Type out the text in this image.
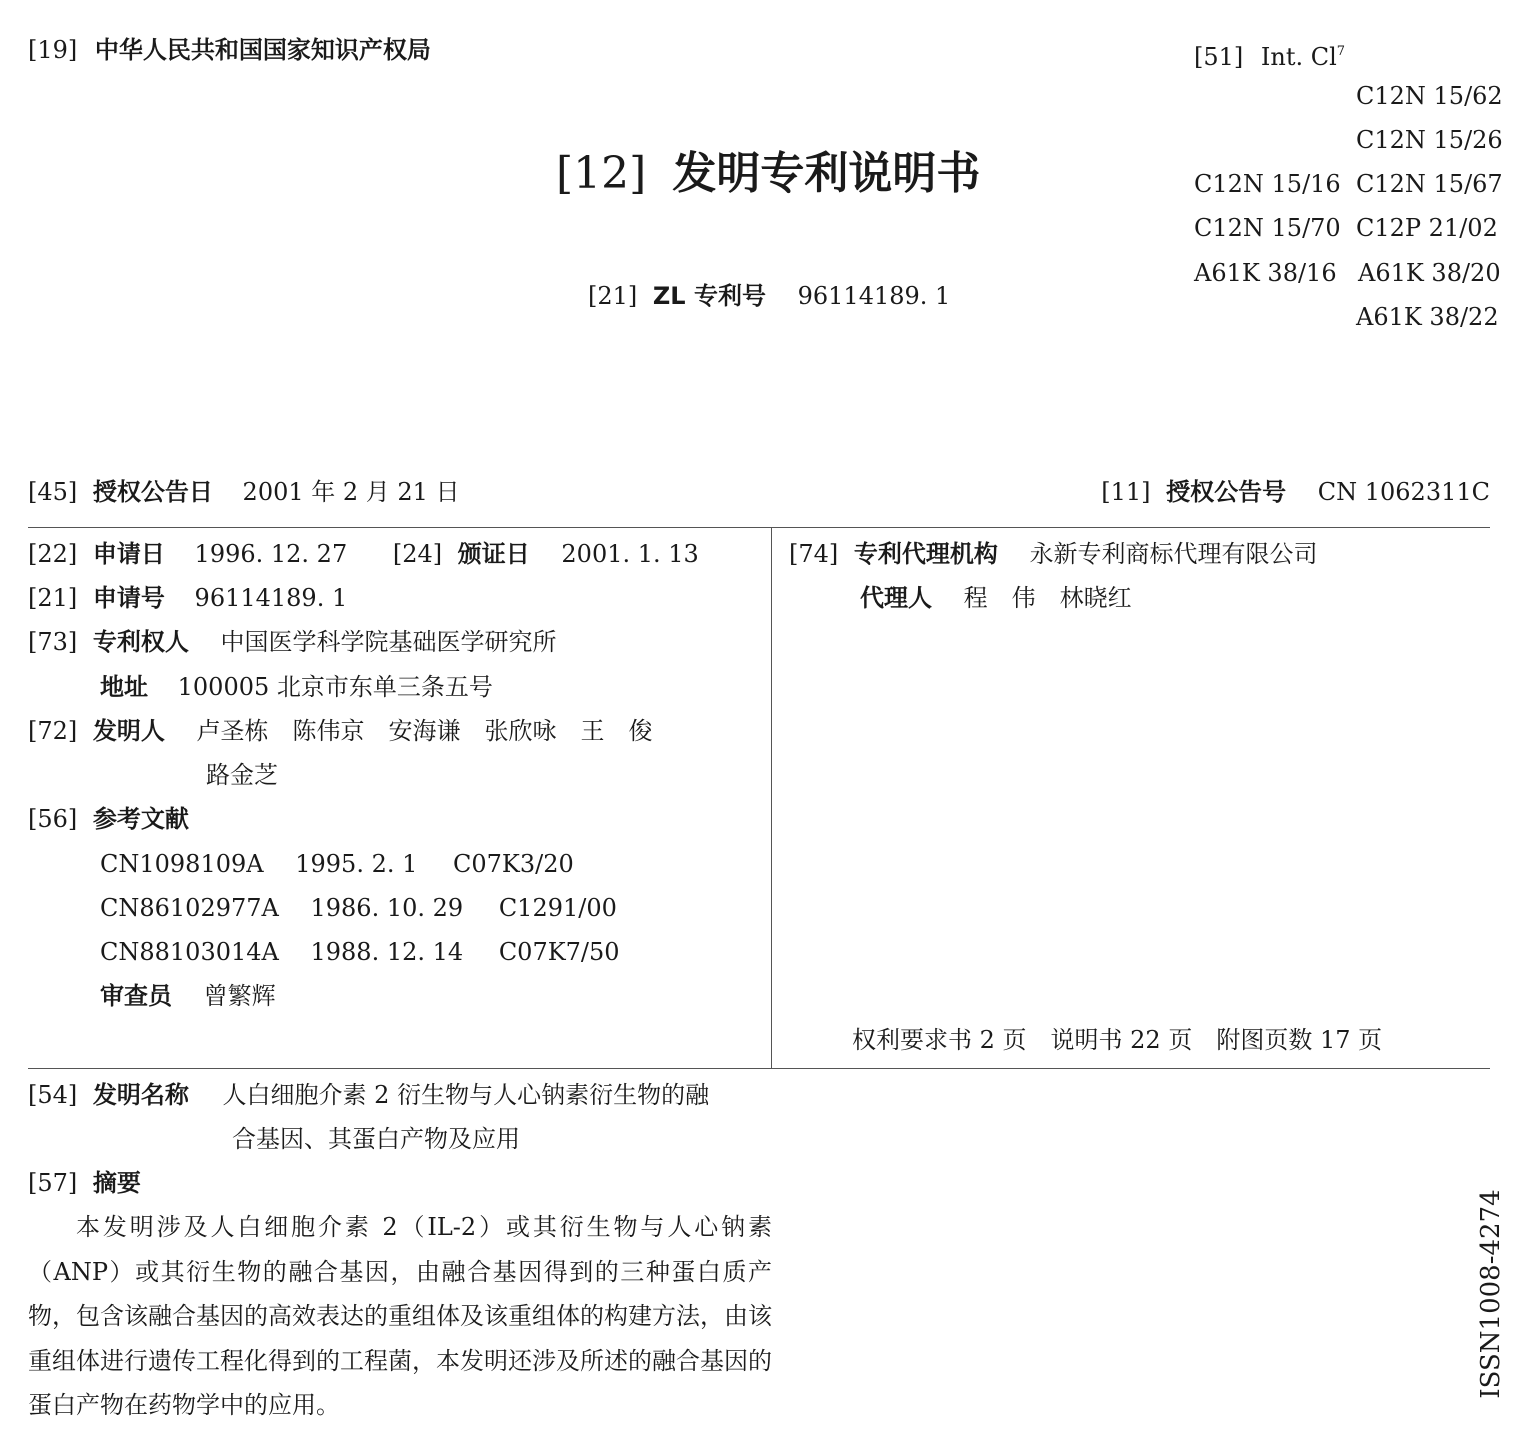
[19] 中华人民共和国国家知识产权局
[12] 发明专利说明书
[21] ZL 专利号 96114189. 1
[51] Int. Cl$^7$
C12N 15/62
C12N 15/26
C12N 15/16 C12N 15/67
C12N 15/70 C12P 21/02
A61K 38/16 A61K 38/20
A61K 38/22
[45] 授权公告日 2001 年 2 月 21 日	[11] 授权公告号 CN 1062311C
[22] 申请日 1996. 12. 27 [24] 颁证日 2001. 1. 13
[21] 申请号 96114189. 1
[73] 专利权人 中国医学科学院基础医学研究所
地址 100005 北京市东单三条五号
[72] 发明人 卢圣栋　陈伟京　安海谦　张欣咏　王　俊
路金芝
[56] 参考文献
CN1098109A 1995. 2. 1 C07K3/20
CN86102977A 1986. 10. 29 C1291/00
CN88103014A 1988. 12. 14 C07K7/50
审查员 曾繁辉
[74] 专利代理机构 永新专利商标代理有限公司
代理人 程　伟　林晓红
权利要求书 2 页　说明书 22 页　附图页数 17 页
[54] 发明名称 人白细胞介素 2 衍生物与人心钠素衍生物的融
合基因、其蛋白产物及应用
[57] 摘要
本发明涉及人白细胞介素 2（IL-2）或其衍生物与人心钠素（ANP）或其衍生物的融合基因，由融合基因得到的三种蛋白质产物，包含该融合基因的高效表达的重组体及该重组体的构建方法，由该重组体进行遗传工程化得到的工程菌，本发明还涉及所述的融合基因的蛋白产物在药物学中的应用。
ISSN1008-4274
